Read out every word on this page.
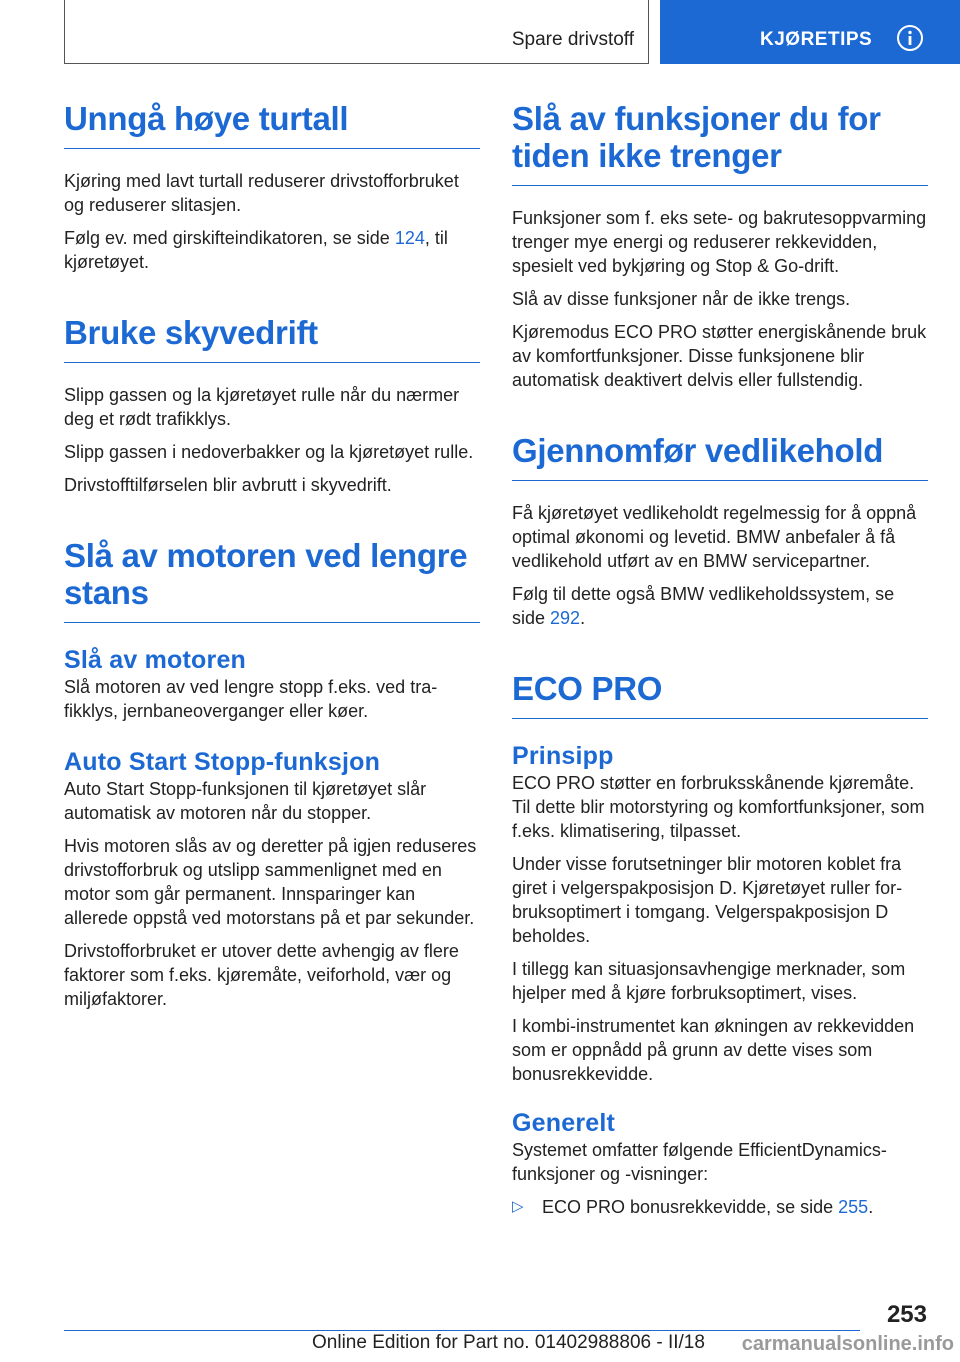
Spare drivstoff	KJØRETIPS
Unngå høye turtall

Kjøring med lavt turtall reduserer drivstofforbruket og reduserer slitasjen.

Følg ev. med girskifteindikatoren, se side 124, til kjøretøyet.

Bruke skyvedrift

Slipp gassen og la kjøretøyet rulle når du nærmer deg et rødt trafikklys.

Slipp gassen i nedoverbakker og la kjøretøyet rulle.

Drivstofftilførselen blir avbrutt i skyvedrift.

Slå av motoren ved lengre stans
Slå av motoren

Slå motoren av ved lengre stopp f.eks. ved trafikklys, jernbaneoverganger eller køer.

Auto Start Stopp-funksjon

Auto Start Stopp-funksjonen til kjøretøyet slår automatisk av motoren når du stopper.

Hvis motoren slås av og deretter på igjen reduseres drivstofforbruk og utslipp sammenlignet med en motor som går permanent. Innsparinger kan allerede oppstå ved motorstans på et par sekunder.

Drivstofforbruket er utover dette avhengig av flere faktorer som f.eks. kjøremåte, veiforhold, vær og miljøfaktorer.

Slå av funksjoner du for tiden ikke trenger

Funksjoner som f. eks sete- og bakrutesoppvarming trenger mye energi og reduserer rekkevidden, spesielt ved bykjøring og Stop & Go-drift.

Slå av disse funksjoner når de ikke trengs.

Kjøremodus ECO PRO støtter energiskånende bruk av komfortfunksjoner. Disse funksjonene blir automatisk deaktivert delvis eller fullstendig.

Gjennomfør vedlikehold

Få kjøretøyet vedlikeholdt regelmessig for å oppnå optimal økonomi og levetid. BMW anbefaler å få vedlikehold utført av en BMW servicepartner.

Følg til dette også BMW vedlikeholdssystem, se side 292.

ECO PRO
Prinsipp

ECO PRO støtter en forbruksskånende kjøremåte. Til dette blir motorstyring og komfortfunksjoner, som f.eks. klimatisering, tilpasset.

Under visse forutsetninger blir motoren koblet fra giret i velgerspakposisjon D. Kjøretøyet ruller forbruksoptimert i tomgang. Velgerspakposisjon D beholdes.

I tillegg kan situasjonsavhengige merknader, som hjelper med å kjøre forbruksoptimert, vises.

I kombi-instrumentet kan økningen av rekkevidden som er oppnådd på grunn av dette vises som bonusrekkevidde.

Generelt

Systemet omfatter følgende EfficientDynamics-funksjoner og -visninger:

▷	ECO PRO bonusrekkevidde, se side 255.
253
Online Edition for Part no. 01402988806 - II/18 carmanualsonline.info
